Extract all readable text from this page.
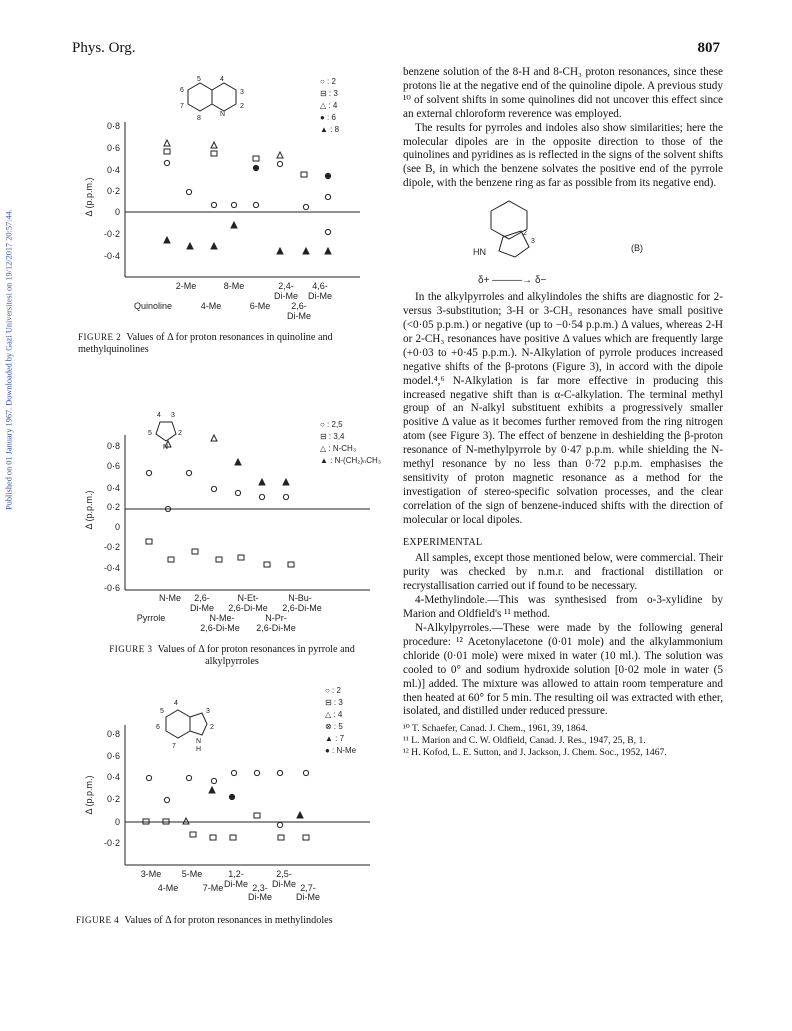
Phys. Org.	807
Published on 01 January 1967. Downloaded by Gazi Universitesi on 19/12/2017 20:57:44.
5	4
6	3
7	2
N
8
○ : 2
⊟ : 3
△ : 4
● : 6
▲ : 8
0·8
0·6
0·4
0·2
0
-0·2
-0·4
Δ (p.p.m.)
2-Me	8-Me	2,4- 4,6-
Di-Me Di-Me
Quinoline	4-Me	6-Me 2,6-
Di-Me
FIGURE 2 Values of Δ for proton resonances in quinoline and methylquinolines
4 3
5	2
N
○ : 2,5
⊟ : 3,4
△ : N-CH₃
▲ : N-(CH₂)ₙCH₃
0·8
0·6
0·4
0·2
0
-0·2
-0·4
-0·6
Δ (p.p.m.)
N-Me 2,6-	N-Et-	N-Bu-
Di-Me 2,6-Di-Me 2,6-Di-Me
Pyrrole	N-Me-	N-Pr-
2,6-Di-Me 2,6-Di-Me
FIGURE 3 Values of Δ for proton resonances in pyrrole and alkylpyrroles
5
4
3
6	2
7
N
H
○ : 2
⊟ : 3
△ : 4
⊗ : 5
▲ : 7
● : N-Me
0·8
0·6
0·4
0·2
0
-0·2
Δ (p.p.m.)
3-Me 5-Me	1,2-	2,5-
Di-Me	Di-Me
4-Me	7-Me	2,3-	2,7-
Di-Me	Di-Me
FIGURE 4 Values of Δ for proton resonances in methylindoles

benzene solution of the 8-H and 8-CH₃ proton resonances, since these protons lie at the negative end of the quinoline dipole. A previous study ¹⁰ of solvent shifts in some quinolines did not uncover this effect since an external chloroform reverence was employed.

The results for pyrroles and indoles also show similarities; here the molecular dipoles are in the opposite direction to those of the quinolines and pyridines as is reflected in the signs of the solvent shifts (see B, in which the benzene solvates the positive end of the pyrrole dipole, with the benzene ring as far as possible from its negative end).

HN
2
3
(B)
δ+ ———→ δ−

In the alkylpyrroles and alkylindoles the shifts are diagnostic for 2- versus 3-substitution; 3-H or 3-CH₃ resonances have small positive (<0·05 p.p.m.) or negative (up to −0·54 p.p.m.) Δ values, whereas 2-H or 2-CH₃ resonances have positive Δ values which are frequently large (+0·03 to +0·45 p.p.m.). N-Alkylation of pyrrole produces increased negative shifts of the β-protons (Figure 3), in accord with the dipole model.⁴,⁶ N-Alkylation is far more effective in producing this increased negative shift than is α-C-alkylation. The terminal methyl group of an N-alkyl substituent exhibits a progressively smaller positive Δ value as it becomes further removed from the ring nitrogen atom (see Figure 3). The effect of benzene in deshielding the β-proton resonance of N-methylpyrrole by 0·47 p.p.m. while shielding the N-methyl resonance by no less than 0·72 p.p.m. emphasises the sensitivity of proton magnetic resonance as a method for the investigation of stereo-specific solvation processes, and the clear correlation of the sign of benzene-induced shifts with the direction of molecular or local dipoles.

EXPERIMENTAL

All samples, except those mentioned below, were commercial. Their purity was checked by n.m.r. and fractional distillation or recrystallisation carried out if found to be necessary.

4-Methylindole.—This was synthesised from o-3-xylidine by Marion and Oldfield's ¹¹ method.

N-Alkylpyrroles.—These were made by the following general procedure: ¹² Acetonylacetone (0·01 mole) and the alkylammonium chloride (0·01 mole) were mixed in water (10 ml.). The solution was cooled to 0° and sodium hydroxide solution [0·02 mole in water (5 ml.)] added. The mixture was allowed to attain room temperature and then heated at 60° for 5 min. The resulting oil was extracted with ether, isolated, and distilled under reduced pressure.

¹⁰ T. Schaefer, Canad. J. Chem., 1961, 39, 1864.
¹¹ L. Marion and C. W. Oldfield, Canad. J. Res., 1947, 25, B, 1.
¹² H. Kofod, L. E. Sutton, and J. Jackson, J. Chem. Soc., 1952, 1467.
